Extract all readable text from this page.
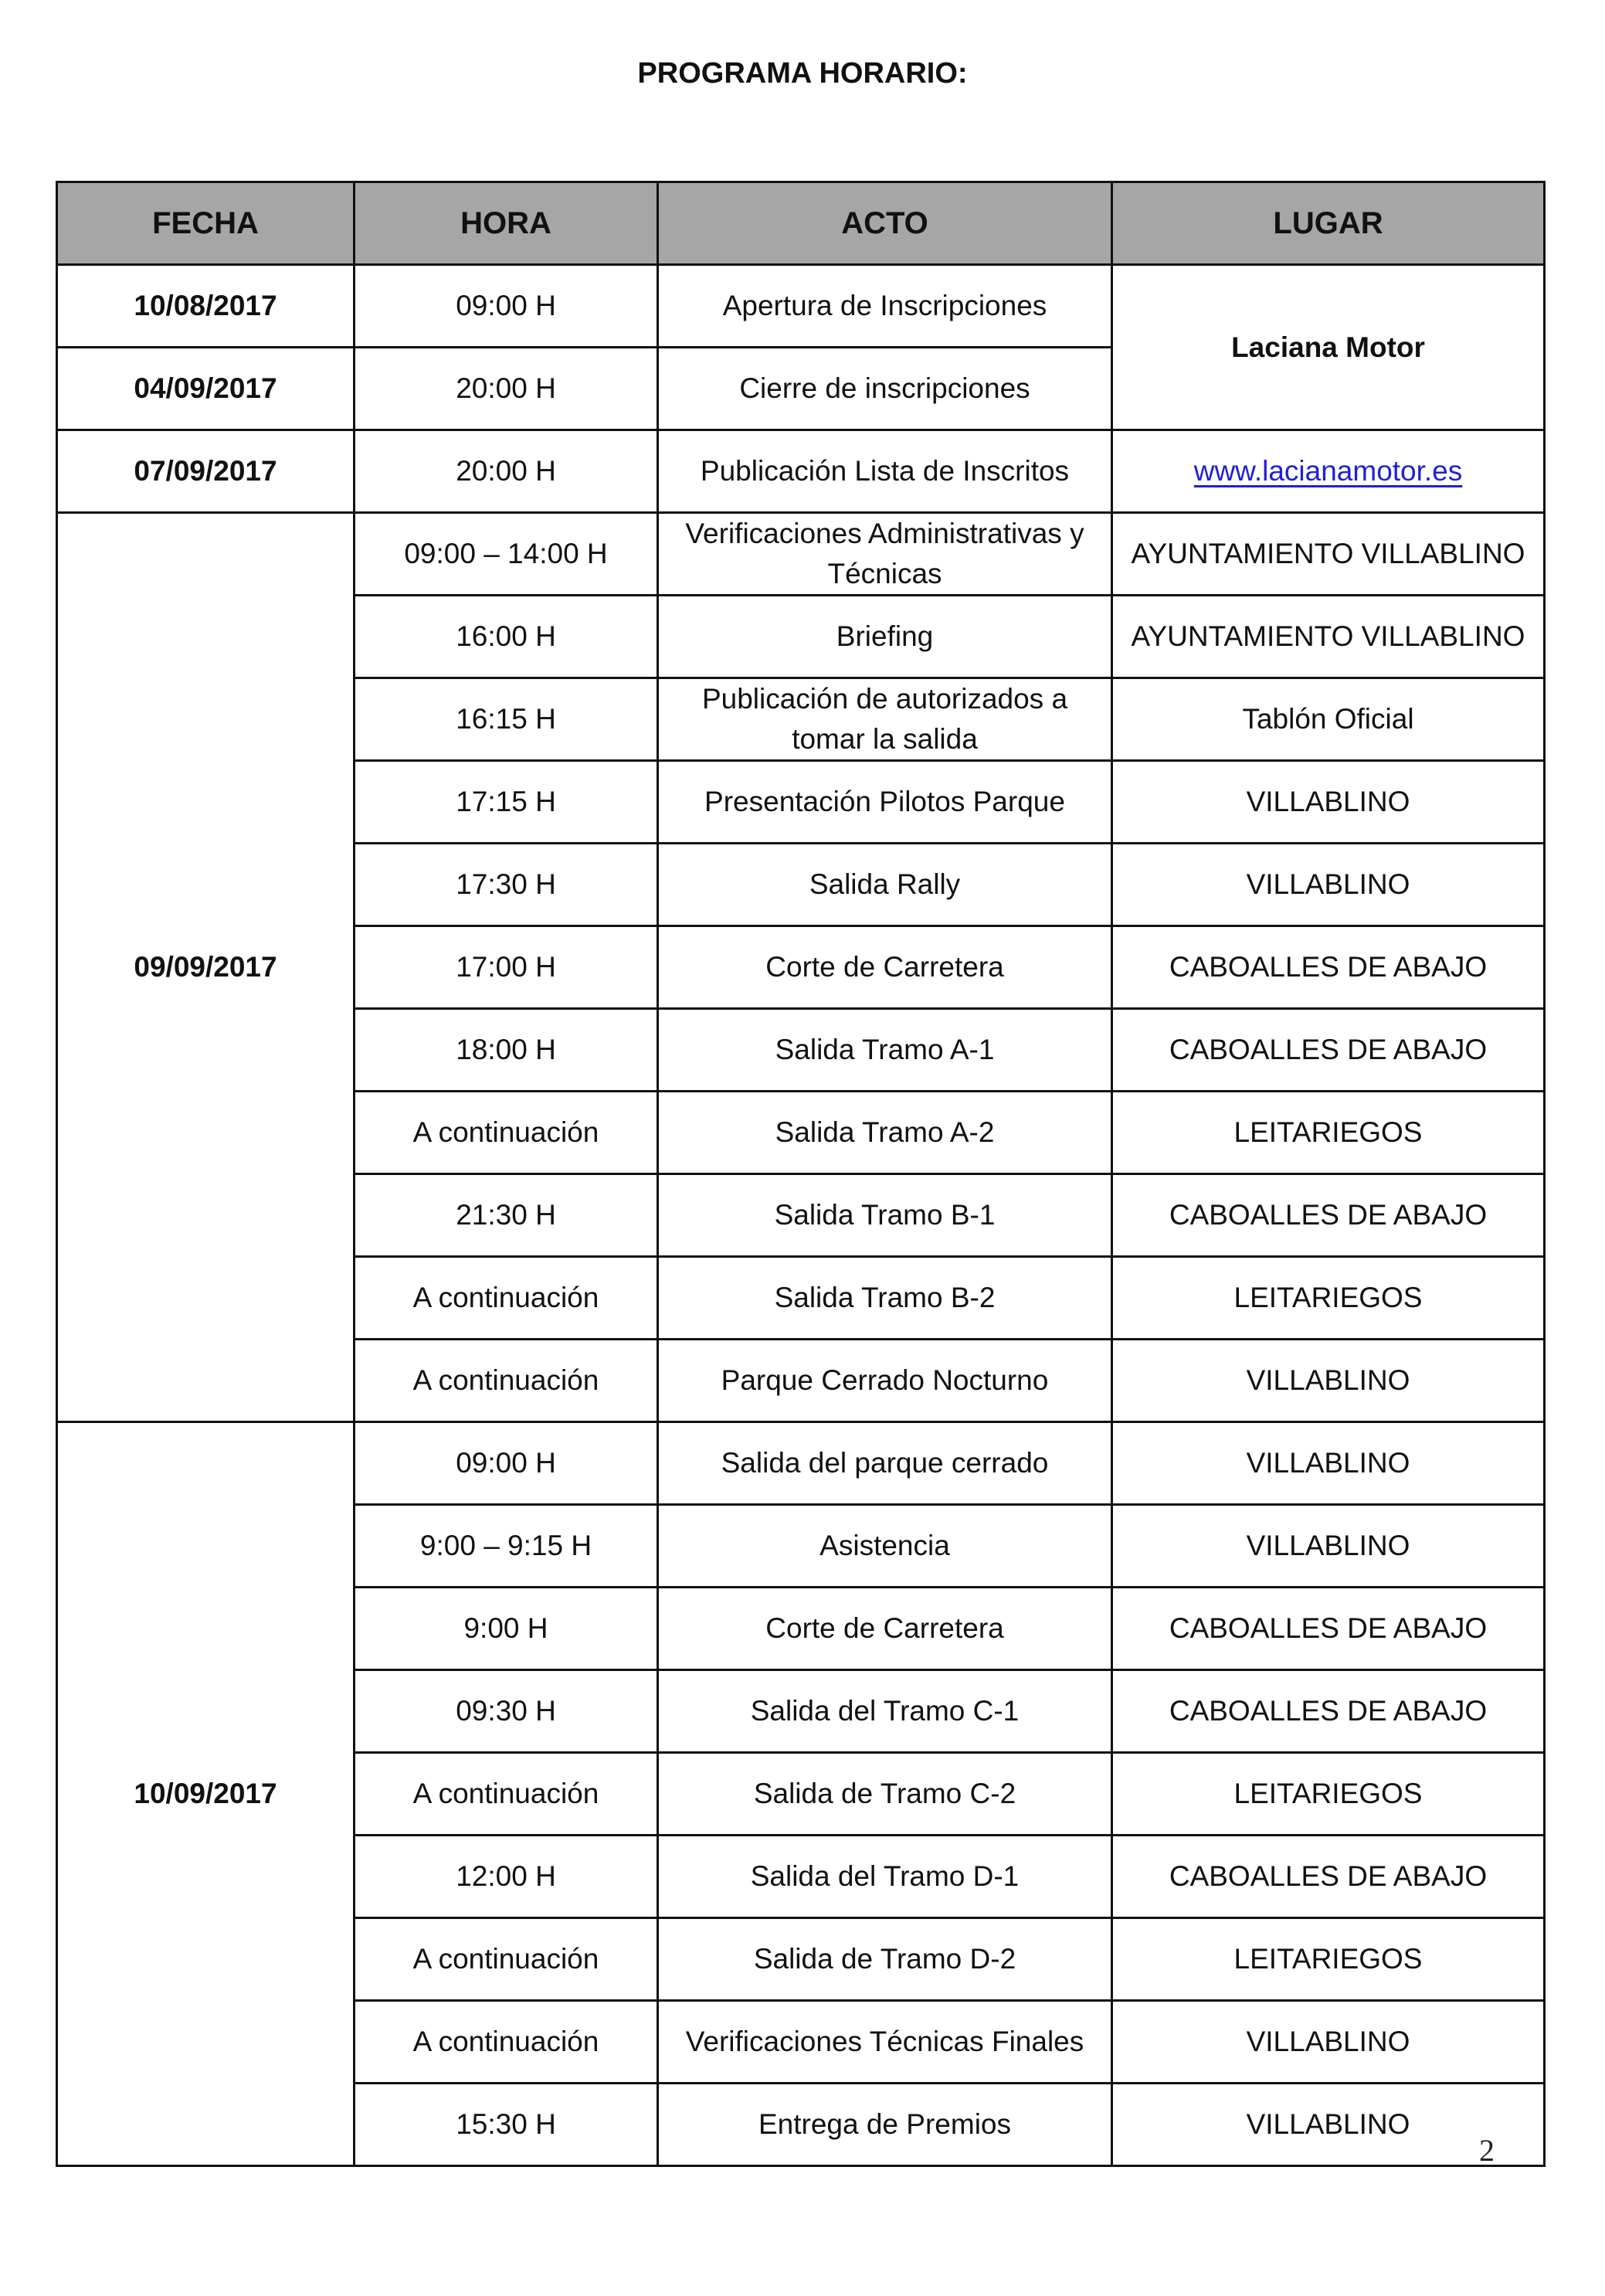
PROGRAMA HORARIO:
FECHA	HORA	ACTO	LUGAR
10/08/2017	09:00 H	Apertura de Inscripciones	Laciana Motor
04/09/2017	20:00 H	Cierre de inscripciones	
07/09/2017	20:00 H	Publicación Lista de Inscritos	www.lacianamotor.es
09/09/2017	09:00 – 14:00 H	Verificaciones Administrativas y Técnicas	AYUNTAMIENTO VILLABLINO
	16:00 H	Briefing	AYUNTAMIENTO VILLABLINO
	16:15 H	Publicación de autorizados a tomar la salida	Tablón Oficial
	17:15 H	Presentación Pilotos Parque	VILLABLINO
	17:30 H	Salida Rally	VILLABLINO
	17:00 H	Corte de Carretera	CABOALLES DE ABAJO
	18:00 H	Salida Tramo A-1	CABOALLES DE ABAJO
	A continuación	Salida Tramo A-2	LEITARIEGOS
	21:30 H	Salida Tramo B-1	CABOALLES DE ABAJO
	A continuación	Salida Tramo B-2	LEITARIEGOS
	A continuación	Parque Cerrado Nocturno	VILLABLINO
10/09/2017	09:00 H	Salida del parque cerrado	VILLABLINO
	9:00 – 9:15 H	Asistencia	VILLABLINO
	9:00 H	Corte de Carretera	CABOALLES DE ABAJO
	09:30 H	Salida del Tramo C-1	CABOALLES DE ABAJO
	A continuación	Salida de Tramo C-2	LEITARIEGOS
	12:00 H	Salida del Tramo D-1	CABOALLES DE ABAJO
	A continuación	Salida de Tramo D-2	LEITARIEGOS
	A continuación	Verificaciones Técnicas Finales	VILLABLINO
	15:30 H	Entrega de Premios	VILLABLINO
2
